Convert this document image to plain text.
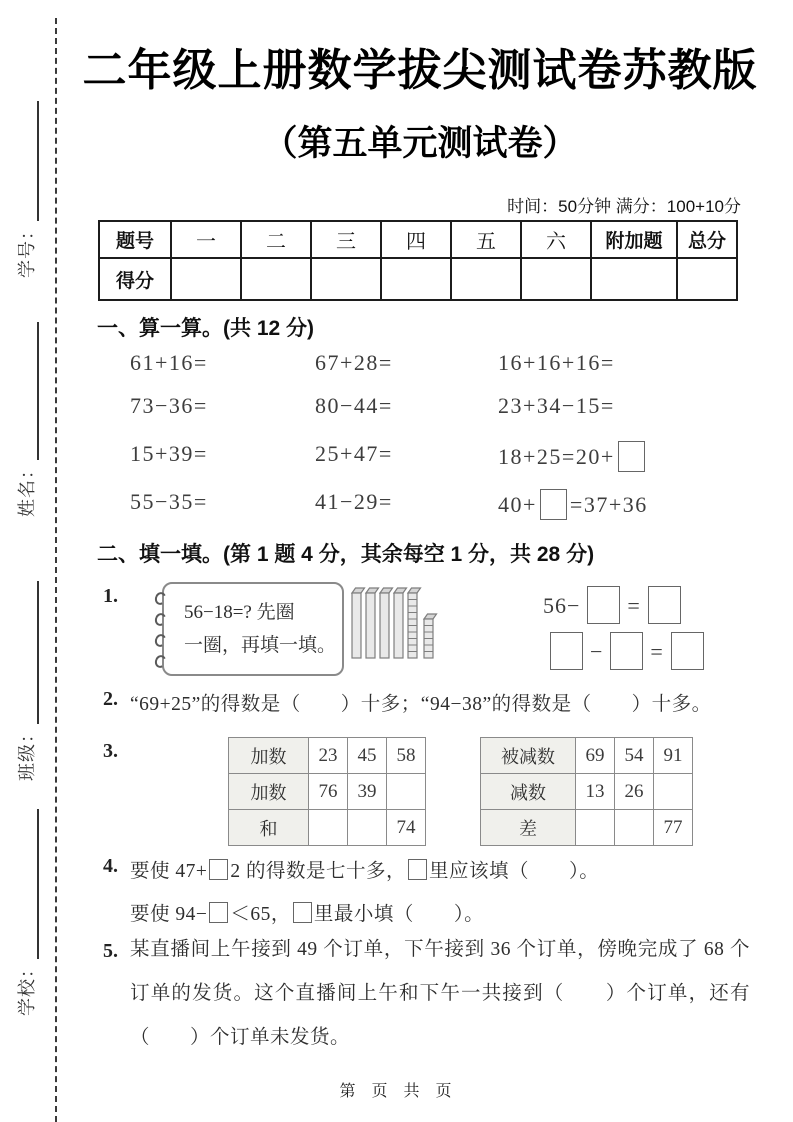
学校：
班级：
姓名：
学号：
二年级上册数学拔尖测试卷苏教版
（第五单元测试卷）
时间：50分钟 满分：100+10分
题号	一	二	三	四	五	六	附加题	总分
得分								
一、算一算。(共 12 分)
61+16=	67+28=	16+16+16=
73−36=	80−44=	23+34−15=
15+39=	25+47=	18+25=20+
55−35=	41−29=	40+ =37+36
二、填一填。(第 1 题 4 分，其余每空 1 分，共 28 分)
1.
56−18=? 先圈
一圈，再填一填。
56− =
− =
2. “69+25”的得数是（　　）十多；“94−38”的得数是（　　）十多。
3.	加数	23	45	58
加数	76	39	
和			74
被减数	69	54	91
减数	13	26	
差			77
4. 要使 47+ 2 的得数是七十多， 里应该填（　　）。
要使 94− ＜65， 里最小填（　　）。
5. 某直播间上午接到 49 个订单，下午接到 36 个订单，傍晚完成了 68 个订单的发货。这个直播间上午和下午一共接到（　　）个订单，还有（　　）个订单未发货。
第 页 共 页
